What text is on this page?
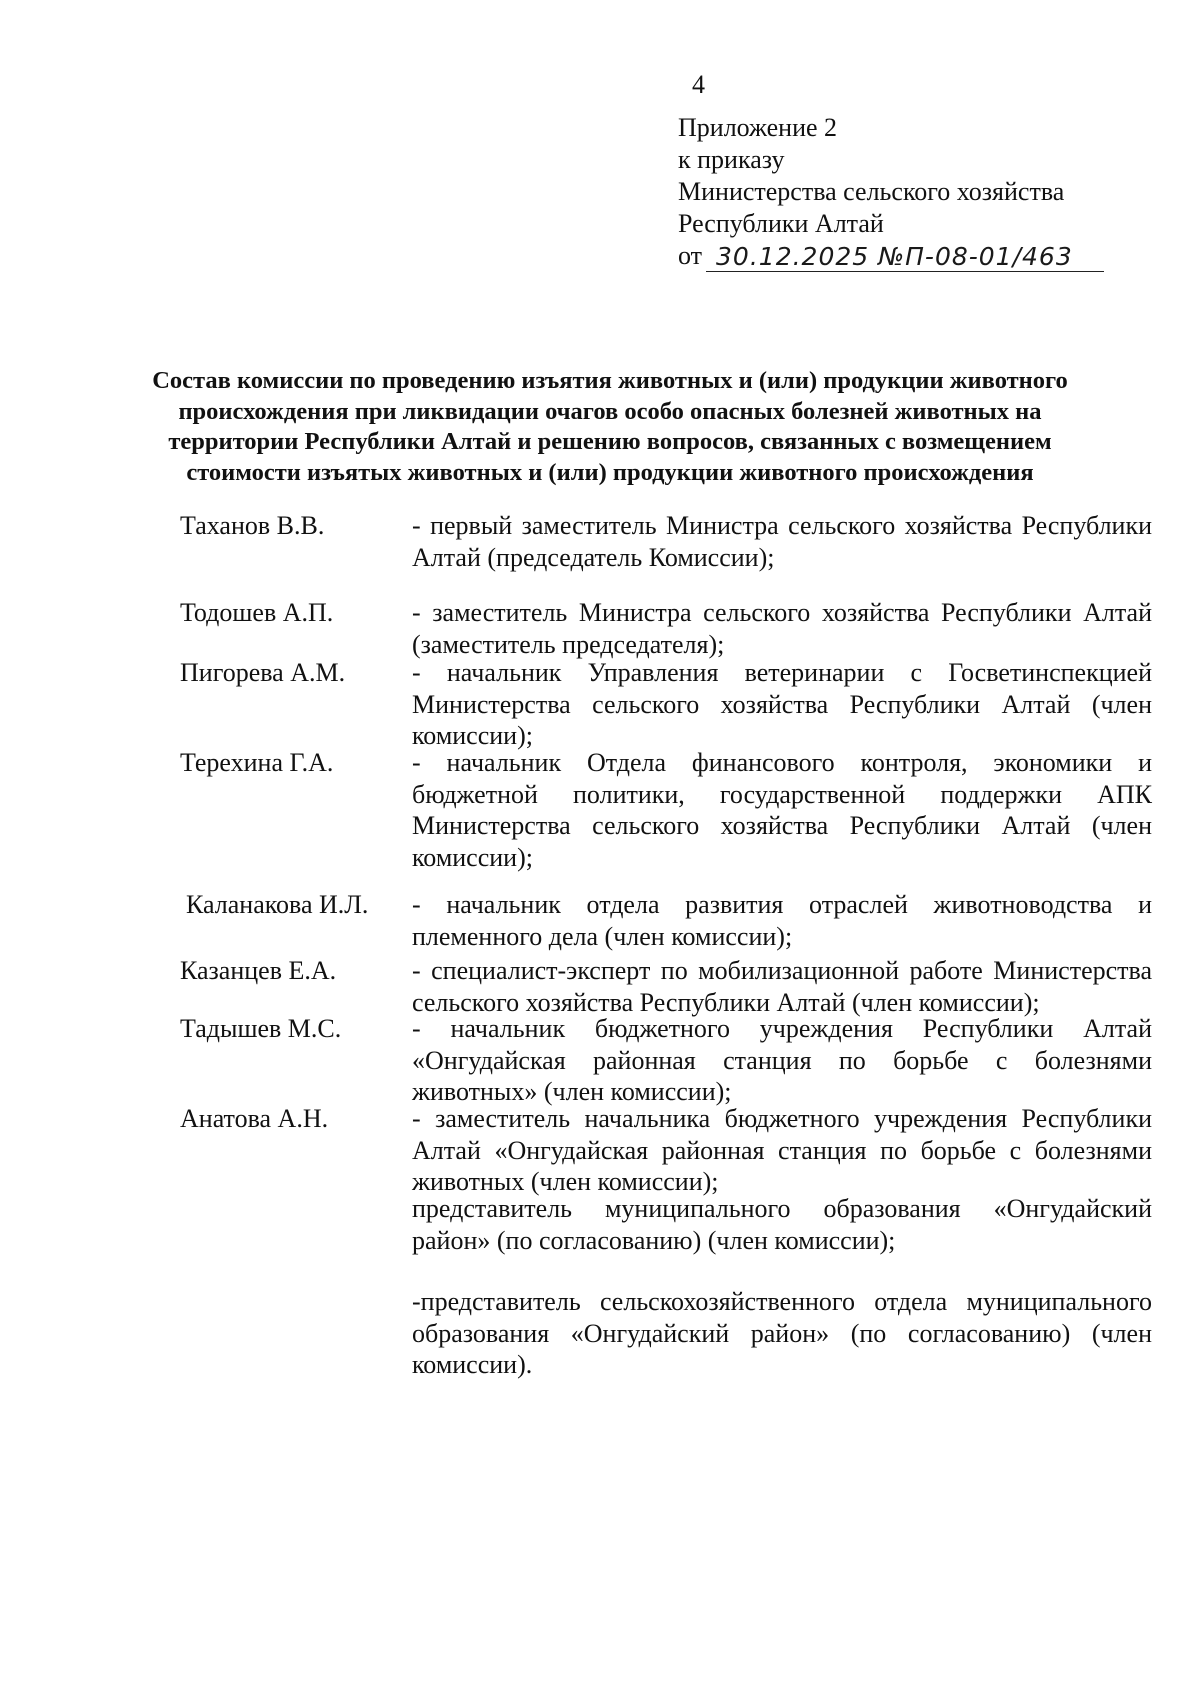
4
Приложение 2
к приказу
Министерства сельского хозяйства
Республики Алтай
от 30.12.2025 №П-08-01/463
Состав комиссии по проведению изъятия животных и (или) продукции животного происхождения при ликвидации очагов особо опасных болезней животных на территории Республики Алтай и решению вопросов, связанных с возмещением стоимости изъятых животных и (или) продукции животного происхождения
Таханов В.В.	- первый заместитель Министра сельского хозяйства Республики Алтай (председатель Комиссии);
Тодошев А.П.	- заместитель Министра сельского хозяйства Республики Алтай (заместитель председателя);
Пигорева А.М.	- начальник Управления ветеринарии с Госветинспекцией Министерства сельского хозяйства Республики Алтай (член комиссии);
Терехина Г.А.	- начальник Отдела финансового контроля, экономики и бюджетной политики, государственной поддержки АПК Министерства сельского хозяйства Республики Алтай (член комиссии);
Каланакова И.Л. - начальник отдела развития отраслей животноводства и племенного дела (член комиссии);
Казанцев Е.А.	- специалист-эксперт по мобилизационной работе Министерства сельского хозяйства Республики Алтай (член комиссии);
Тадышев М.С.	- начальник бюджетного учреждения Республики Алтай «Онгудайская районная станция по борьбе с болезнями животных» (член комиссии);
Анатова А.Н.	- заместитель начальника бюджетного учреждения Республики Алтай «Онгудайская районная станция по борьбе с болезнями животных (член комиссии);
представитель муниципального образования «Онгудайский район» (по согласованию) (член комиссии);
-представитель сельскохозяйственного отдела муниципального образования «Онгудайский район» (по согласованию) (член комиссии).
